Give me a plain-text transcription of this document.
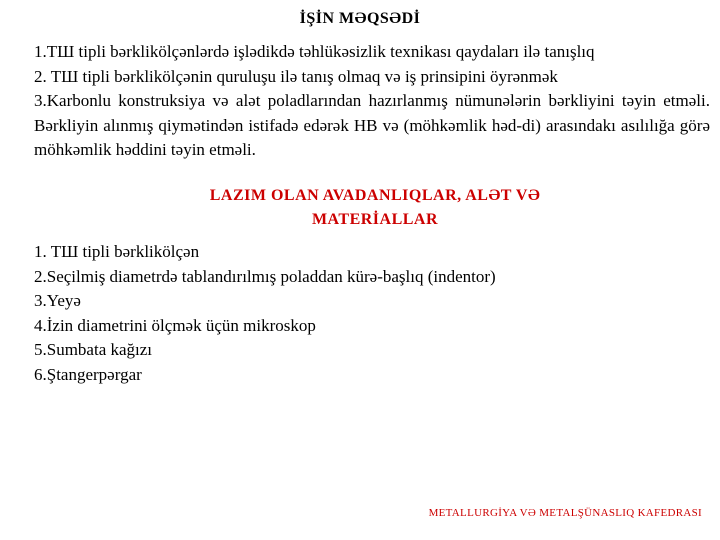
İŞİN MƏQSƏDİ

1.TШ tipli bərklikölçənlərdə işlədikdə təhlükəsizlik texnikası qaydaları ilə tanışlıq

2. TШ tipli bərklikölçənin quruluşu ilə tanış olmaq və iş prinsipini öyrənmək

3.Karbonlu konstruksiya və alət poladlarından hazırlanmış nümunələrin bərkliyini təyin etməli. Bərkliyin alınmış qiymətindən istifadə edərək HB və (möhkəmlik həd-di) arasındakı asılılığa görə möhkəmlik həddini təyin etməli.

LAZIM OLAN AVADANLIQLAR, ALƏT VƏ
MATERİALLAR

1. TШ tipli bərklikölçən

2.Seçilmiş diametrdə tablandırılmış poladdan kürə-başlıq (indentor)

3.Yeyə

4.İzin diametrini ölçmək üçün mikroskop

5.Sumbata kağızı

6.Ştangerpərgar

METALLURGİYA VƏ METALŞÜNASLIQ KAFEDRASI
